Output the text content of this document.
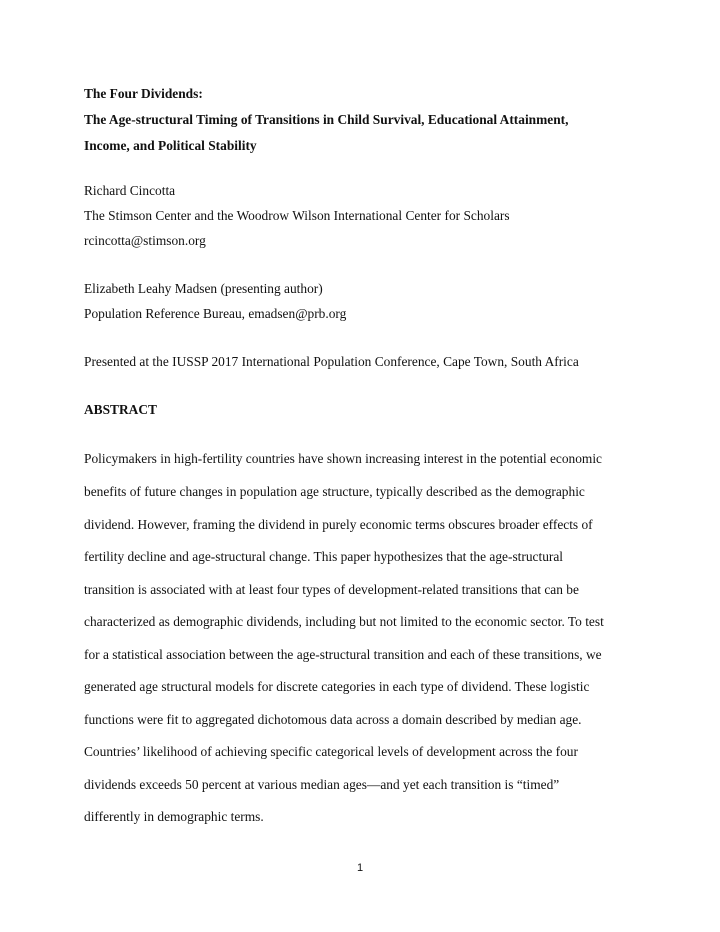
The Four Dividends:
The Age-structural Timing of Transitions in Child Survival, Educational Attainment,
Income, and Political Stability
Richard Cincotta
The Stimson Center and the Woodrow Wilson International Center for Scholars
rcincotta@stimson.org
Elizabeth Leahy Madsen (presenting author)
Population Reference Bureau, emadsen@prb.org
Presented at the IUSSP 2017 International Population Conference, Cape Town, South Africa
ABSTRACT
Policymakers in high-fertility countries have shown increasing interest in the potential economic
benefits of future changes in population age structure, typically described as the demographic
dividend. However, framing the dividend in purely economic terms obscures broader effects of
fertility decline and age-structural change. This paper hypothesizes that the age-structural
transition is associated with at least four types of development-related transitions that can be
characterized as demographic dividends, including but not limited to the economic sector. To test
for a statistical association between the age-structural transition and each of these transitions, we
generated age structural models for discrete categories in each type of dividend. These logistic
functions were fit to aggregated dichotomous data across a domain described by median age.
Countries’ likelihood of achieving specific categorical levels of development across the four
dividends exceeds 50 percent at various median ages—and yet each transition is “timed”
differently in demographic terms.
1
